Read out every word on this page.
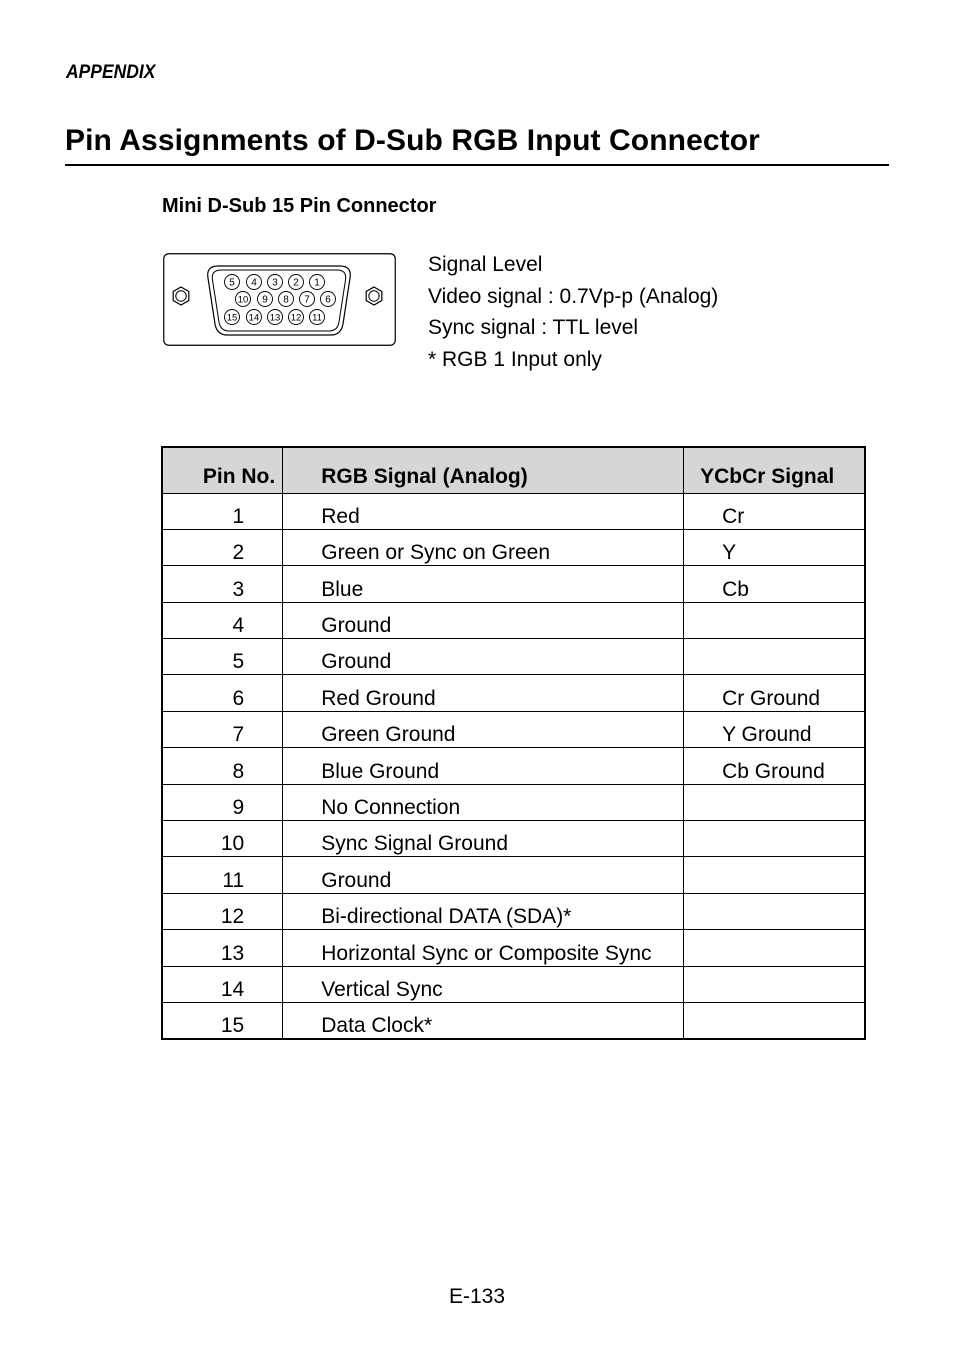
APPENDIX
Pin Assignments of D-Sub RGB Input Connector
Mini D-Sub 15 Pin Connector
5 4 3 2 1
10 9 8 7 6
15 14 13 12 11
Signal Level
Video signal : 0.7Vp-p (Analog)
Sync signal : TTL level
* RGB 1 Input only
Pin No.	RGB Signal (Analog)	YCbCr Signal
1	Red	Cr
2	Green or Sync on Green	Y
3	Blue	Cb
4	Ground	
5	Ground	
6	Red Ground	Cr Ground
7	Green Ground	Y Ground
8	Blue Ground	Cb Ground
9	No Connection	
10	Sync Signal Ground	
11	Ground	
12	Bi-directional DATA (SDA)*	
13	Horizontal Sync or Composite Sync	
14	Vertical Sync	
15	Data Clock*	
E-133
